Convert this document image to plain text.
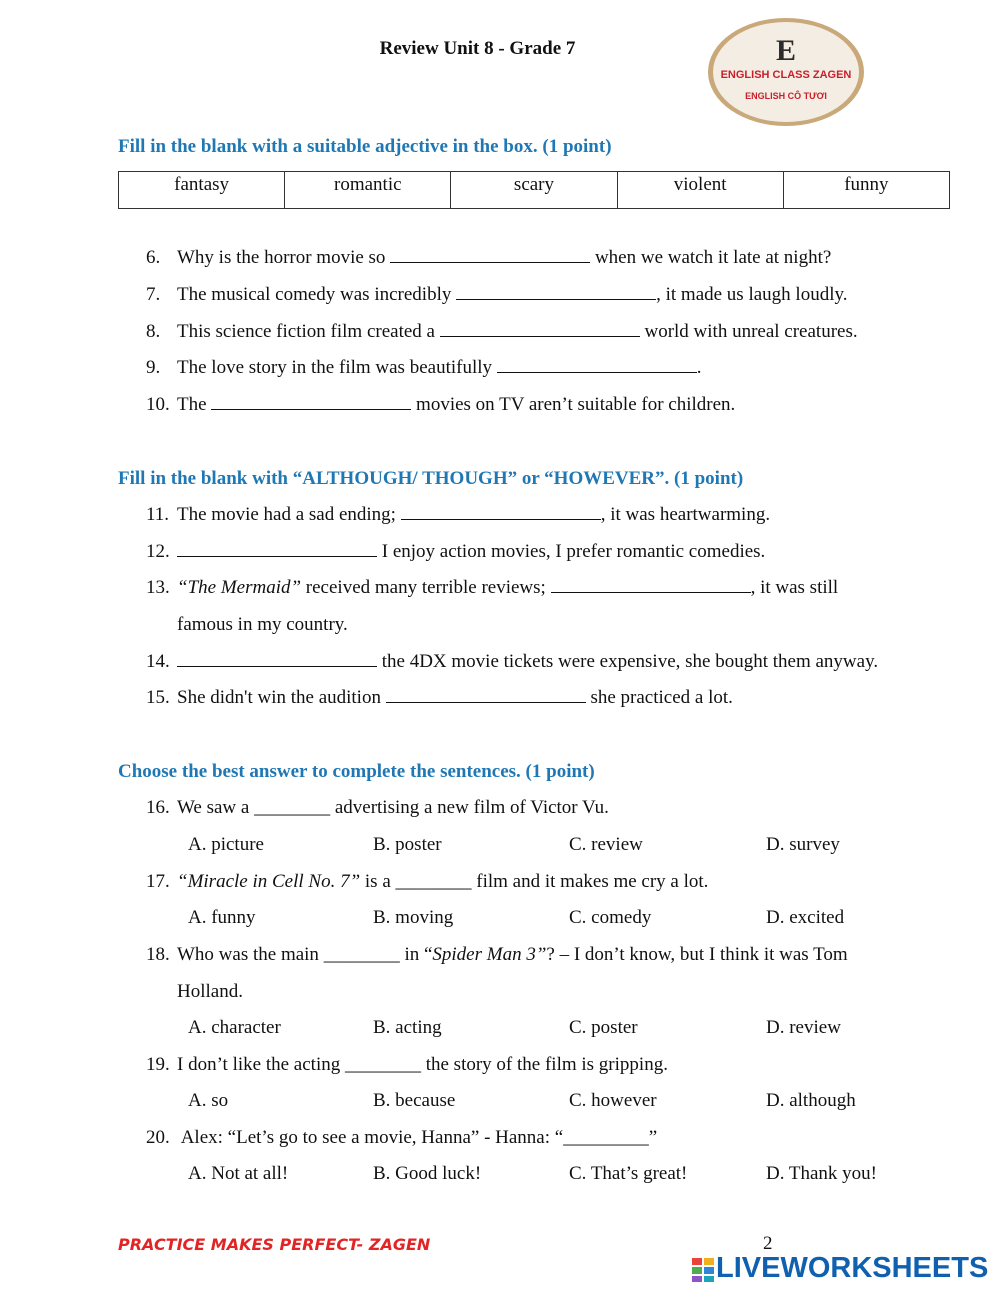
Review Unit 8 - Grade 7	E
ENGLISH CLASS ZAGEN
ENGLISH CÔ TƯƠI
Fill in the blank with a suitable adjective in the box. (1 point)
fantasy	romantic	scary	violent	funny
6. Why is the horror movie so	when we watch it late at night?
7. The musical comedy was incredibly	, it made us laugh loudly.
8. This science fiction film created a	world with unreal creatures.
9. The love story in the film was beautifully	.
10. The	movies on TV aren’t suitable for children.
Fill in the blank with “ALTHOUGH/ THOUGH” or “HOWEVER”. (1 point)
11. The movie had a sad ending;	, it was heartwarming.
12.	I enjoy action movies, I prefer romantic comedies.
13. “The Mermaid” received many terrible reviews;	, it was still
famous in my country.
14.	the 4DX movie tickets were expensive, she bought them anyway.
15. She didn't win the audition	she practiced a lot.
Choose the best answer to complete the sentences. (1 point)
16. We saw a ________ advertising a new film of Victor Vu.
A. picture	B. poster	C. review	D. survey
17. “Miracle in Cell No. 7” is a ________ film and it makes me cry a lot.
A. funny	B. moving	C. comedy	D. excited
18. Who was the main ________ in “Spider Man 3”? – I don’t know, but I think it was Tom
Holland.
A. character	B. acting	C. poster	D. review
19. I don’t like the acting ________ the story of the film is gripping.
A. so	B. because	C. however	D. although
20. Alex: “Let’s go to see a movie, Hanna” - Hanna: “_________”
A. Not at all!	B. Good luck!	C. That’s great!	D. Thank you!
PRACTICE MAKES PERFECT- ZAGEN	2
LIVEWORKSHEETS
